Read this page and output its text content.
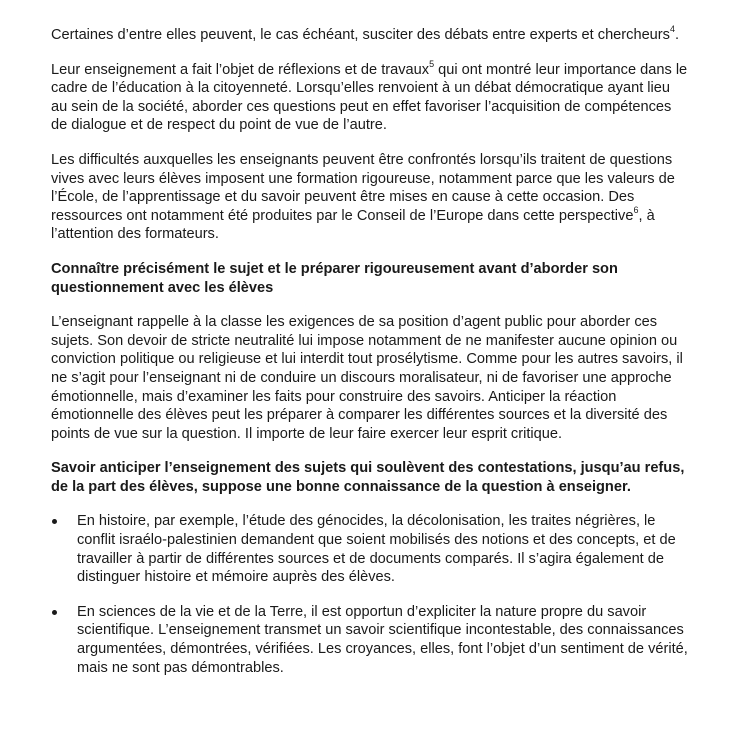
Certaines d’entre elles peuvent, le cas échéant, susciter des débats entre experts et chercheurs$^4$.

Leur enseignement a fait l’objet de réflexions et de travaux$^5$ qui ont montré leur importance dans le cadre de l’éducation à la citoyenneté. Lorsqu’elles renvoient à un débat démocratique ayant lieu au sein de la société, aborder ces questions peut en effet favoriser l’acquisition de compétences de dialogue et de respect du point de vue de l’autre.

Les difficultés auxquelles les enseignants peuvent être confrontés lorsqu’ils traitent de questions vives avec leurs élèves imposent une formation rigoureuse, notamment parce que les valeurs de l’École, de l’apprentissage et du savoir peuvent être mises en cause à cette occasion. Des ressources ont notamment été produites par le Conseil de l’Europe dans cette perspective$^6$, à l’attention des formateurs.

Connaître précisément le sujet et le préparer rigoureusement avant d’aborder son questionnement avec les élèves

L’enseignant rappelle à la classe les exigences de sa position d’agent public pour aborder ces sujets. Son devoir de stricte neutralité lui impose notamment de ne manifester aucune opinion ou conviction politique ou religieuse et lui interdit tout prosélytisme. Comme pour les autres savoirs, il ne s’agit pour l’enseignant ni de conduire un discours moralisateur, ni de favoriser une approche émotionnelle, mais d’examiner les faits pour construire des savoirs. Anticiper la réaction émotionnelle des élèves peut les préparer à comparer les différentes sources et la diversité des points de vue sur la question. Il importe de leur faire exercer leur esprit critique.

Savoir anticiper l’enseignement des sujets qui soulèvent des contestations, jusqu’au refus, de la part des élèves, suppose une bonne connaissance de la question à enseigner.

En histoire, par exemple, l’étude des génocides, la décolonisation, les traites négrières, le conflit israélo-palestinien demandent que soient mobilisés des notions et des concepts, et de travailler à partir de différentes sources et de documents comparés. Il s’agira également de distinguer histoire et mémoire auprès des élèves.
En sciences de la vie et de la Terre, il est opportun d’expliciter la nature propre du savoir scientifique. L’enseignement transmet un savoir scientifique incontestable, des connaissances argumentées, démontrées, vérifiées. Les croyances, elles, font l’objet d’un sentiment de vérité, mais ne sont pas démontrables.
